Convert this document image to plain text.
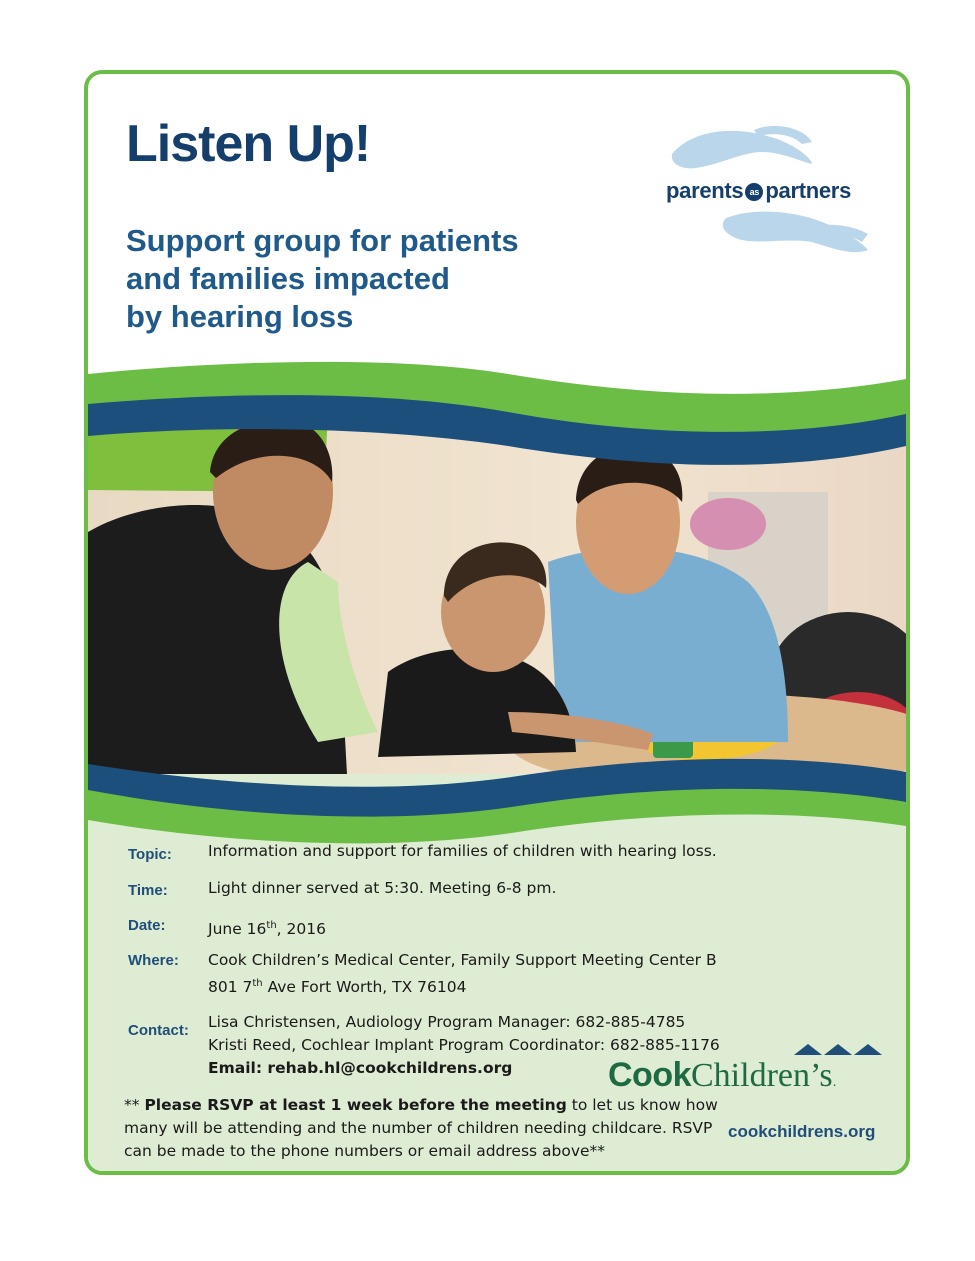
Listen Up!
Support group for patients
and families impacted
by hearing loss
parents as partners
Topic: Information and support for families of children with hearing loss.
Time:	Light dinner served at 5:30. Meeting 6-8 pm.
Date:	June 16th, 2016
Where: Cook Children’s Medical Center, Family Support Meeting Center B
801 7th Ave Fort Worth, TX 76104
Contact: Lisa Christensen, Audiology Program Manager: 682-885-4785
Kristi Reed, Cochlear Implant Program Coordinator: 682-885-1176
Email: rehab.hl@cookchildrens.org	CookChildren’s.
** Please RSVP at least 1 week before the meeting to let us know how many will be attending and the number of children needing childcare. RSVP can be made to the phone numbers or email address above**
cookchildrens.org
